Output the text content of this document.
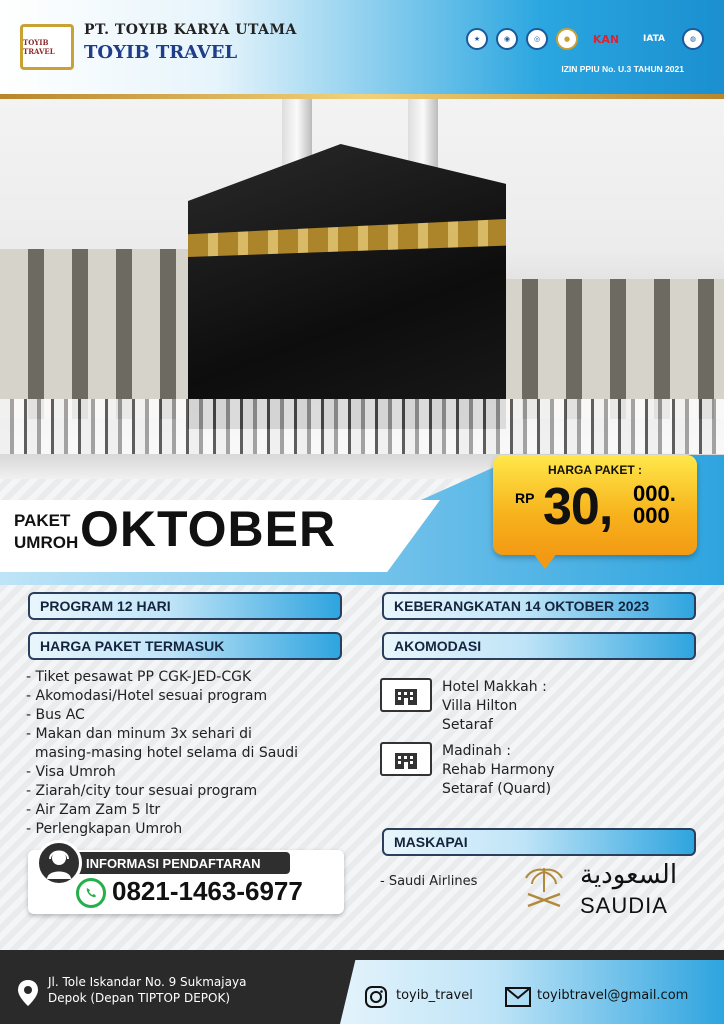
TOYIB TRAVEL
PT. TOYIB KARYA UTAMA
TOYIB TRAVEL
★	◉	◎	●	KAN	IATA	◍
IZIN PPIU No. U.3 TAHUN 2021
PAKET
UMROH OKTOBER
HARGA PAKET :
RP 30, 000.
000
PROGRAM 12 HARI	KEBERANGKATAN 14 OKTOBER 2023
HARGA PAKET TERMASUK	AKOMODASI
MASKAPAI
- Tiket pesawat PP CGK-JED-CGK
- Akomodasi/Hotel sesuai program
- Bus AC
- Makan dan minum 3x sehari di
masing-masing hotel selama di Saudi
- Visa Umroh
- Ziarah/city tour sesuai program
- Air Zam Zam 5 ltr
- Perlengkapan Umroh
Hotel Makkah :
Villa Hilton
Setaraf
Madinah :
Rehab Harmony
Setaraf (Quard)
- Saudi Airlines	السعودية
SAUDIA
INFORMASI PENDAFTARAN
0821-1463-6977
Jl. Tole Iskandar No. 9 Sukmajaya
Depok (Depan TIPTOP DEPOK)	toyib_travel	toyibtravel@gmail.com
